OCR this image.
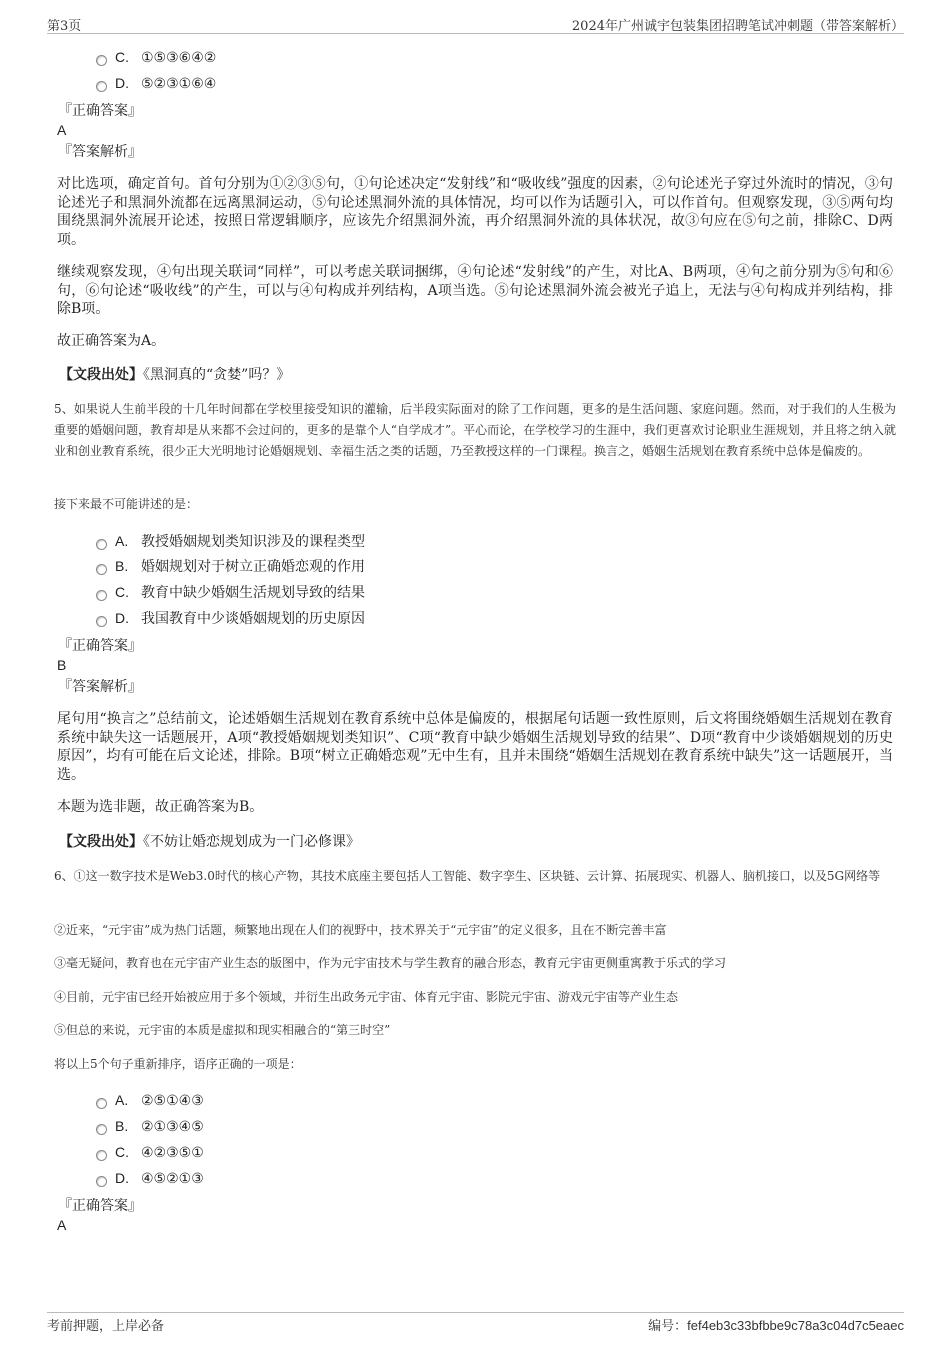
第3页	2024年广州诚宇包装集团招聘笔试冲刺题（带答案解析）
C. ①⑤③⑥④②
D. ⑤②③①⑥④
『正确答案』
A
『答案解析』
对比选项，确定首句。首句分别为①②③⑤句，①句论述决定“发射线”和“吸收线”强度的因素，②句论述光子穿过外流时的情况，③句论述光子和黑洞外流都在远离黑洞运动，⑤句论述黑洞外流的具体情况，均可以作为话题引入，可以作首句。但观察发现，③⑤两句均围绕黑洞外流展开论述，按照日常逻辑顺序，应该先介绍黑洞外流，再介绍黑洞外流的具体状况，故③句应在⑤句之前，排除C、D两项。
继续观察发现，④句出现关联词“同样”，可以考虑关联词捆绑，④句论述“发射线”的产生，对比A、B两项，④句之前分别为⑤句和⑥句，⑥句论述“吸收线”的产生，可以与④句构成并列结构，A项当选。⑤句论述黑洞外流会被光子追上，无法与④句构成并列结构，排除B项。
故正确答案为A。
【文段出处】《黑洞真的“贪婪”吗？》
5、如果说人生前半段的十几年时间都在学校里接受知识的灌输，后半段实际面对的除了工作问题，更多的是生活问题、家庭问题。然而，对于我们的人生极为重要的婚姻问题，教育却是从来都不会过问的，更多的是靠个人“自学成才”。平心而论，在学校学习的生涯中，我们更喜欢讨论职业生涯规划，并且将之纳入就业和创业教育系统，很少正大光明地讨论婚姻规划、幸福生活之类的话题，乃至教授这样的一门课程。换言之，婚姻生活规划在教育系统中总体是偏废的。
接下来最不可能讲述的是：
A. 教授婚姻规划类知识涉及的课程类型
B. 婚姻规划对于树立正确婚恋观的作用
C. 教育中缺少婚姻生活规划导致的结果
D. 我国教育中少谈婚姻规划的历史原因
『正确答案』
B
『答案解析』
尾句用“换言之”总结前文，论述婚姻生活规划在教育系统中总体是偏废的，根据尾句话题一致性原则，后文将围绕婚姻生活规划在教育系统中缺失这一话题展开，A项“教授婚姻规划类知识”、C项“教育中缺少婚姻生活规划导致的结果”、D项“教育中少谈婚姻规划的历史原因”，均有可能在后文论述，排除。B项“树立正确婚恋观”无中生有，且并未围绕“婚姻生活规划在教育系统中缺失”这一话题展开，当选。
本题为选非题，故正确答案为B。
【文段出处】《不妨让婚恋规划成为一门必修课》
6、①这一数字技术是Web3.0时代的核心产物，其技术底座主要包括人工智能、数字孪生、区块链、云计算、拓展现实、机器人、脑机接口，以及5G网络等
②近来，“元宇宙”成为热门话题，频繁地出现在人们的视野中，技术界关于“元宇宙”的定义很多，且在不断完善丰富
③毫无疑问，教育也在元宇宙产业生态的版图中，作为元宇宙技术与学生教育的融合形态，教育元宇宙更侧重寓教于乐式的学习
④目前，元宇宙已经开始被应用于多个领域，并衍生出政务元宇宙、体育元宇宙、影院元宇宙、游戏元宇宙等产业生态
⑤但总的来说，元宇宙的本质是虚拟和现实相融合的“第三时空”
将以上5个句子重新排序，语序正确的一项是：
A. ②⑤①④③
B. ②①③④⑤
C. ④②③⑤①
D. ④⑤②①③
『正确答案』
A
考前押题，上岸必备	编号：fef4eb3c33bfbbe9c78a3c04d7c5eaec
